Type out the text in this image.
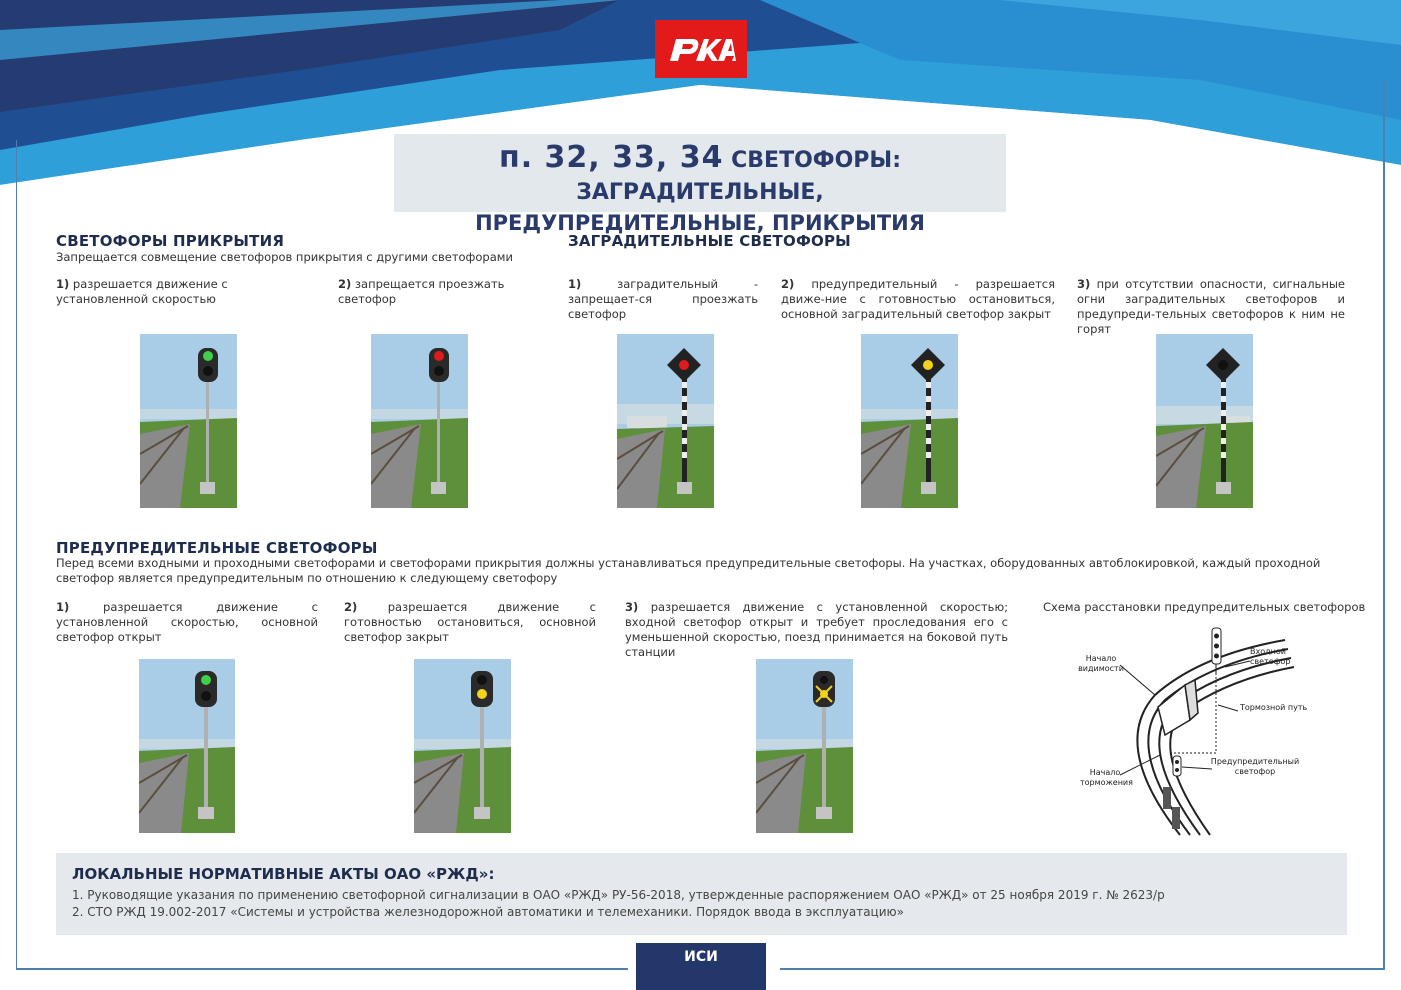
п. 32, 33, 34 СВЕТОФОРЫ: ЗАГРАДИТЕЛЬНЫЕ,
ПРЕДУПРЕДИТЕЛЬНЫЕ, ПРИКРЫТИЯ
СВЕТОФОРЫ ПРИКРЫТИЯ
Запрещается совмещение светофоров прикрытия с другими светофорами
1) разрешается движение с установленной скоростью
2) запрещается проезжать светофор
ЗАГРАДИТЕЛЬНЫЕ СВЕТОФОРЫ
1)	заградительный - запрещает-ся проезжать светофор
2) предупредительный - разрешается движе-ние с готовностью остановиться, основной заградительный светофор закрыт
3) при отсутствии опасности, сигнальные огни заградительных светофоров и предупреди-тельных светофоров к ним не горят
ПРЕДУПРЕДИТЕЛЬНЫЕ СВЕТОФОРЫ
Перед всеми входными и проходными светофорами и светофорами прикрытия должны устанавливаться предупредительные светофоры. На участках, оборудованных автоблокировкой, каждый проходной светофор является предупредительным по отношению к следующему светофору
1)	разрешается движение с установленной скоростью, основной светофор открыт
2)	разрешается движение с готовностью остановиться, основной светофор закрыт
3) разрешается движение с установленной скоростью; входной светофор открыт и требует проследования его с уменьшенной скоростью, поезд принимается на боковой путь станции
Схема расстановки предупредительных светофоров
Начало видимости
Входной светофор
Тормозной путь
Предупредительный светофор
Начало торможения
ЛОКАЛЬНЫЕ НОРМАТИВНЫЕ АКТЫ ОАО «РЖД»:
1. Руководящие указания по применению светофорной сигнализации в ОАО «РЖД» РУ-56-2018, утвержденные распоряжением ОАО «РЖД» от 25 ноября 2019 г. № 2623/р
2. СТО РЖД 19.002-2017 «Системы и устройства железнодорожной автоматики и телемеханики. Порядок ввода в эксплуатацию»
ИСИ
